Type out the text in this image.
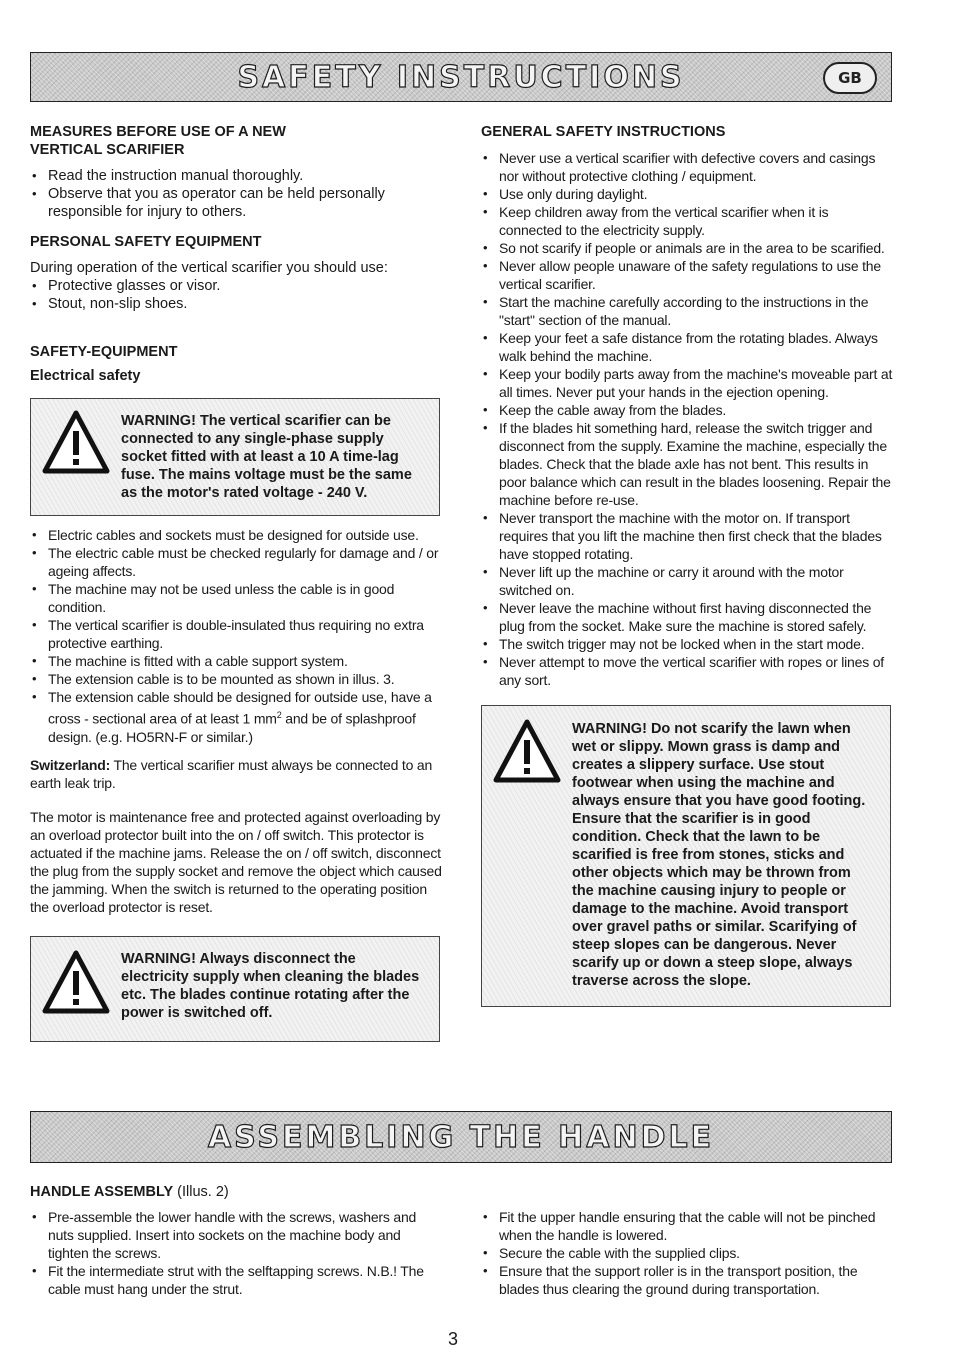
SAFETY INSTRUCTIONS	GB
MEASURES BEFORE USE OF A NEW VERTICAL SCARIFIER
• Read the instruction manual thoroughly.
• Observe that you as operator can be held personally responsible for injury to others.
PERSONAL SAFETY EQUIPMENT

During operation of the vertical scarifier you should use:

• Protective glasses or visor.
• Stout, non-slip shoes.
SAFETY-EQUIPMENT
Electrical safety
WARNING! The vertical scarifier can be connected to any single-phase supply socket fitted with at least a 10 A time-lag fuse. The mains voltage must be the same as the motor's rated voltage - 240 V.
• Electric cables and sockets must be designed for outside use.
• The electric cable must be checked regularly for damage and / or ageing affects.
• The machine may not be used unless the cable is in good condition.
• The vertical scarifier is double-insulated thus requiring no extra protective earthing.
• The machine is fitted with a cable support system.
• The extension cable is to be mounted as shown in illus. 3.
• The extension cable should be designed for outside use, have a cross - sectional area of at least 1 $mm^2$ and be of splashproof design. (e.g. HO5RN-F or similar.)

Switzerland: The vertical scarifier must always be connected to an earth leak trip.

The motor is maintenance free and protected against overloading by an overload protector built into the on / off switch. This protector is actuated if the machine jams. Release the on / off switch, disconnect the plug from the supply socket and remove the object which caused the jamming. When the switch is returned to the operating position the overload protector is reset.

WARNING! Always disconnect the electricity supply when cleaning the blades etc. The blades continue rotating after the power is switched off.
GENERAL SAFETY INSTRUCTIONS
• Never use a vertical scarifier with defective covers and casings nor without protective clothing / equipment.
• Use only during daylight.
• Keep children away from the vertical scarifier when it is connected to the electricity supply.
• So not scarify if people or animals are in the area to be scarified.
• Never allow people unaware of the safety regulations to use the vertical scarifier.
• Start the machine carefully according to the instructions in the "start" section of the manual.
• Keep your feet a safe distance from the rotating blades. Always walk behind the machine.
• Keep your bodily parts away from the machine's moveable part at all times. Never put your hands in the ejection opening.
• Keep the cable away from the blades.
• If the blades hit something hard, release the switch trigger and disconnect from the supply. Examine the machine, especially the blades. Check that the blade axle has not bent. This results in poor balance which can result in the blades loosening. Repair the machine before re-use.
• Never transport the machine with the motor on. If transport requires that you lift the machine then first check that the blades have stopped rotating.
• Never lift up the machine or carry it around with the motor switched on.
• Never leave the machine without first having disconnected the plug from the socket. Make sure the machine is stored safely.
• The switch trigger may not be locked when in the start mode.
• Never attempt to move the vertical scarifier with ropes or lines of any sort.
WARNING! Do not scarify the lawn when wet or slippy. Mown grass is damp and creates a slippery surface. Use stout footwear when using the machine and always ensure that you have good footing. Ensure that the scarifier is in good condition. Check that the lawn to be scarified is free from stones, sticks and other objects which may be thrown from the machine causing injury to people or damage to the machine. Avoid transport over gravel paths or similar. Scarifying of steep slopes can be dangerous. Never scarify up or down a steep slope, always traverse across the slope.
ASSEMBLING THE HANDLE
HANDLE ASSEMBLY (Illus. 2)
• Pre-assemble the lower handle with the screws, washers and nuts supplied. Insert into sockets on the machine body and tighten the screws.
• Fit the intermediate strut with the selftapping screws. N.B.! The cable must hang under the strut.
• Fit the upper handle ensuring that the cable will not be pinched when the handle is lowered.
• Secure the cable with the supplied clips.
• Ensure that the support roller is in the transport position, the blades thus clearing the ground during transportation.
3
